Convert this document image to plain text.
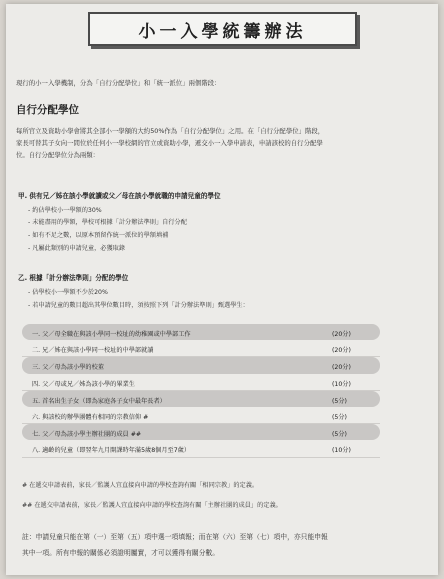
小一入學統籌辦法
現行的小一入學機制，分為「自行分配學位」和「統一派位」兩個階段：
自行分配學位
每所官立及資助小學會將其全部小一學額的大約50%作為「自行分配學位」之用。在「自行分配學位」階段，
家長可替其子女向一間位於任何小一學校網的官立或資助小學，遞交小一入學申請表，申請該校的自行分配學
位。自行分配學位分為兩類：
甲. 供有兄／姊在該小學就讀或父／母在該小學就職的申請兒童的學位
- 約佔學校小一學額的30%
- 未能盡用的學額，學校可根據「計分辦法準則」自行分配
- 如有不足之數，以原本預留作統一派位的學額填補
- 凡屬此類別的申請兒童，必獲取錄
乙. 根據「計分辦法準則」分配的學位
- 佔學校小一學額不少於20%
- 若申請兒童的數目超出其學位數目時，須按照下列「計分辦法準則」甄選學生：
一. 父／母全職在與該小學同一校址的幼稚園或中學部工作	(20分)
二. 兄／姊在與該小學同一校址的中學部就讀	(20分)
三. 父／母為該小學的校董	(20分)
四. 父／母或兄／姊為該小學的畢業生	(10分)
五. 首名出生子女（即為家庭各子女中最年長者）	(5分)
六. 與該校的辦學團體有相同的宗教信仰 #	(5分)
七. 父／母為該小學主辦社團的成員 ##	(5分)
八. 適齡的兒童（即翌年九月開課時年滿5歲8個月至7歲）	(10分)
# 在遞交申請表前，家長／監護人宜直接向申請的學校查詢有關「相同宗教」的定義。
## 在遞交申請表前，家長／監護人宜直接向申請的學校查詢有關「主辦社團的成員」的定義。
註：申請兒童只能在第（一）至第（五）項中選一項填報；而在第（六）至第（七）項中，亦只能申報
其中一項。所有申報的關係必須證明屬實，才可以獲得有關分數。
